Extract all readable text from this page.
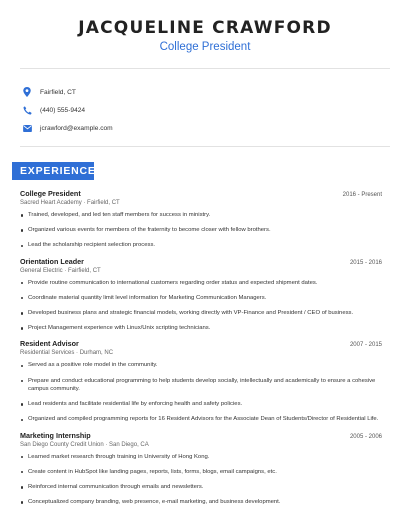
JACQUELINE CRAWFORD
College President
Fairfield, CT
(440) 555-9424
jcrawford@example.com
EXPERIENCE
College President	2016 - Present
Sacred Heart Academy · Fairfield, CT
Trained, developed, and led ten staff members for success in ministry.
Organized various events for members of the fraternity to become closer with fellow brothers.
Lead the scholarship recipient selection process.
Orientation Leader	2015 - 2016
General Electric · Fairfield, CT
Provide routine communication to international customers regarding order status and expected shipment dates.
Coordinate material quantity limit level information for Marketing Communication Managers.
Developed business plans and strategic financial models, working directly with VP-Finance and President / CEO of business.
Project Management experience with Linux/Unix scripting technicians.
Resident Advisor	2007 - 2015
Residential Services · Durham, NC
Served as a positive role model in the community.
Prepare and conduct educational programming to help students develop socially, intellectually and academically to ensure a cohesive campus community.
Lead residents and facilitate residential life by enforcing health and safety policies.
Organized and compiled programming reports for 16 Resident Advisors for the Associate Dean of Students/Director of Residential Life.
Marketing Internship	2005 - 2006
San Diego County Credit Union · San Diego, CA
Learned market research through training in University of Hong Kong.
Create content in HubSpot like landing pages, reports, lists, forms, blogs, email campaigns, etc.
Reinforced internal communication through emails and newsletters.
Conceptualized company branding, web presence, e-mail marketing, and business development.
